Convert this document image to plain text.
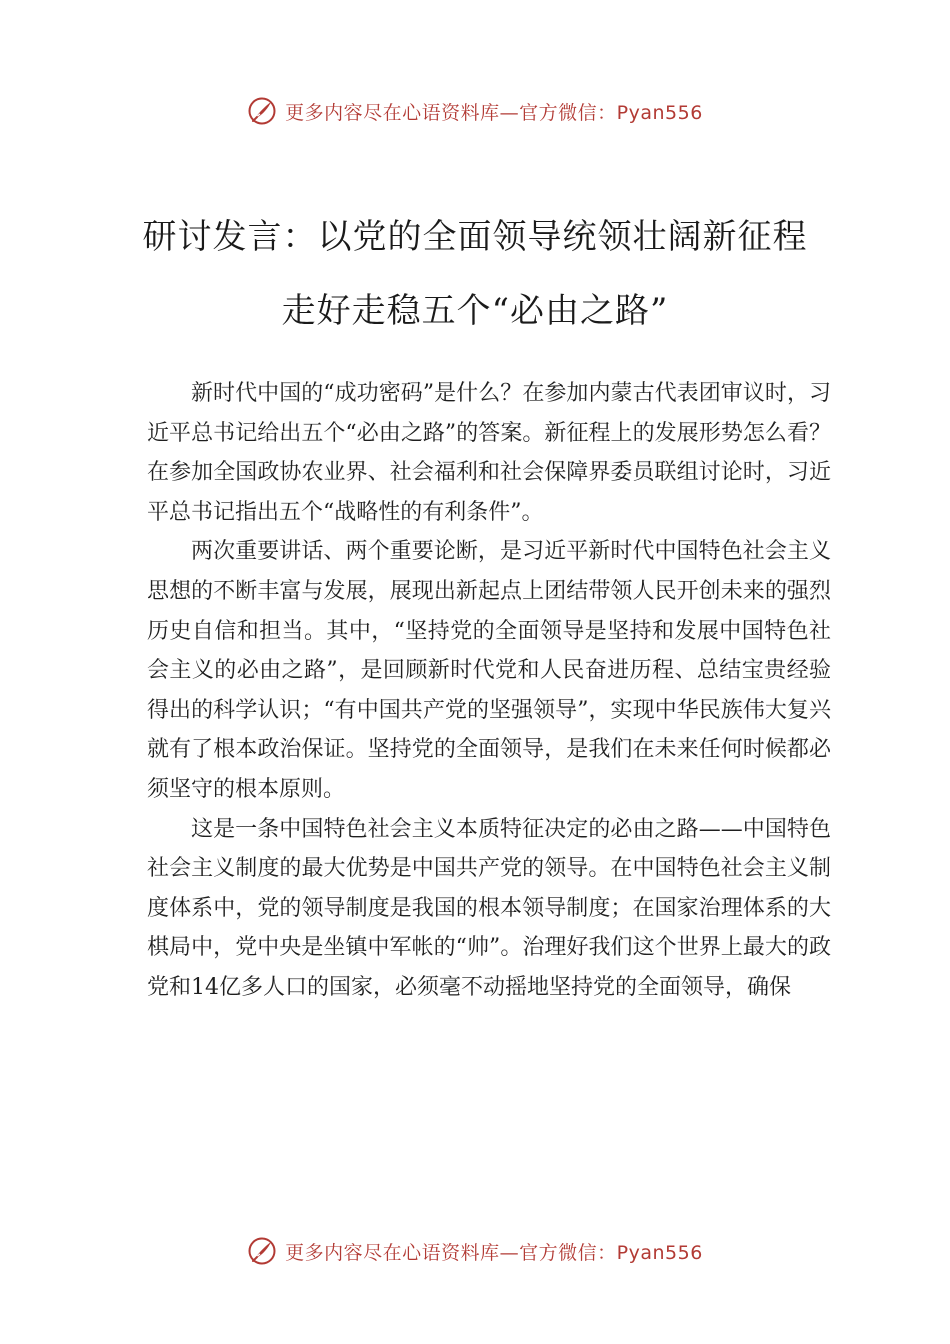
更多内容尽在心语资料库—官方微信：Pyan556
研讨发言：以党的全面领导统领壮阔新征程 走好走稳五个“必由之路”

新时代中国的“成功密码”是什么？在参加内蒙古代表团审议时，习近平总书记给出五个“必由之路”的答案。新征程上的发展形势怎么看？在参加全国政协农业界、社会福利和社会保障界委员联组讨论时，习近平总书记指出五个“战略性的有利条件”。

两次重要讲话、两个重要论断，是习近平新时代中国特色社会主义思想的不断丰富与发展，展现出新起点上团结带领人民开创未来的强烈历史自信和担当。其中，“坚持党的全面领导是坚持和发展中国特色社会主义的必由之路”，是回顾新时代党和人民奋进历程、总结宝贵经验得出的科学认识；“有中国共产党的坚强领导”，实现中华民族伟大复兴就有了根本政治保证。坚持党的全面领导，是我们在未来任何时候都必须坚守的根本原则。

这是一条中国特色社会主义本质特征决定的必由之路——中国特色社会主义制度的最大优势是中国共产党的领导。在中国特色社会主义制度体系中，党的领导制度是我国的根本领导制度；在国家治理体系的大棋局中，党中央是坐镇中军帐的“帅”。治理好我们这个世界上最大的政党和14亿多人口的国家，必须毫不动摇地坚持党的全面领导，确保

更多内容尽在心语资料库—官方微信：Pyan556
